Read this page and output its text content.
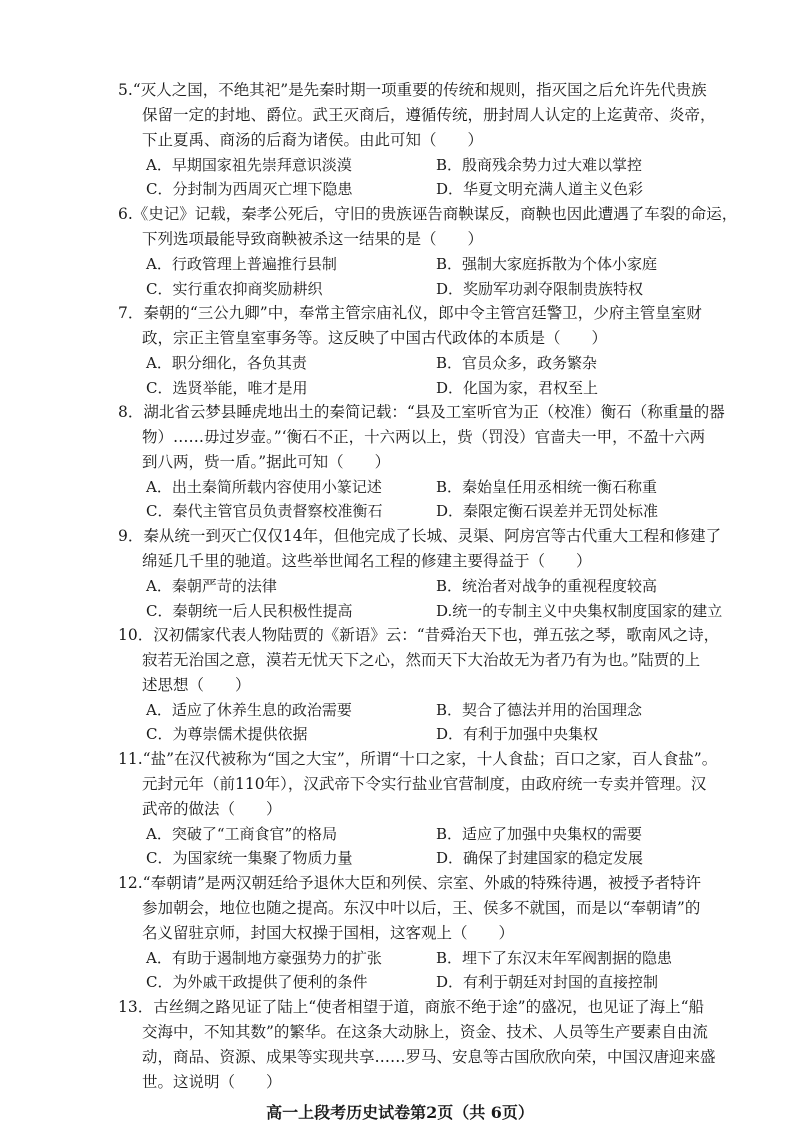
5.“灭人之国，不绝其祀”是先秦时期一项重要的传统和规则，指灭国之后允许先代贵族
保留一定的封地、爵位。武王灭商后，遵循传统，册封周人认定的上迄黄帝、炎帝，
下止夏禹、商汤的后裔为诸侯。由此可知（　　）
A．早期国家祖先崇拜意识淡漠	B．殷商残余势力过大难以掌控
C．分封制为西周灭亡埋下隐患	D．华夏文明充满人道主义色彩
6.《史记》记载，秦孝公死后，守旧的贵族诬告商鞅谋反，商鞅也因此遭遇了车裂的命运，
下列选项最能导致商鞅被杀这一结果的是（　　）
A．行政管理上普遍推行县制	B．强制大家庭拆散为个体小家庭
C．实行重农抑商奖励耕织	D．奖励军功剥夺限制贵族特权
7．秦朝的“三公九卿”中，奉常主管宗庙礼仪，郎中令主管宫廷警卫，少府主管皇室财
政，宗正主管皇室事务等。这反映了中国古代政体的本质是（　　）
A．职分细化，各负其责	B．官员众多，政务繁杂
C．选贤举能，唯才是用	D．化国为家，君权至上
8．湖北省云梦县睡虎地出土的秦简记载：“县及工室听官为正（校准）衡石（称重量的器
物）……毋过岁壶。”‘衡石不正，十六两以上，赀（罚没）官啬夫一甲，不盈十六两
到八两，赀一盾。”据此可知（　　）
A．出土秦简所载内容使用小篆记述	B．秦始皇任用丞相统一衡石称重
C．秦代主管官员负责督察校准衡石	D．秦限定衡石误差并无罚处标准
9．秦从统一到灭亡仅仅14年，但他完成了长城、灵渠、阿房宫等古代重大工程和修建了
绵延几千里的驰道。这些举世闻名工程的修建主要得益于（　　）
A．秦朝严苛的法律	B．统治者对战争的重视程度较高
C．秦朝统一后人民积极性提高	D.统一的专制主义中央集权制度国家的建立
10．汉初儒家代表人物陆贾的《新语》云：“昔舜治天下也，弹五弦之琴，歌南风之诗，
寂若无治国之意，漠若无忧天下之心，然而天下大治故无为者乃有为也。”陆贾的上
述思想（　　）
A．适应了休养生息的政治需要	B．契合了德法并用的治国理念
C．为尊崇儒术提供依据	D．有利于加强中央集权
11.“盐”在汉代被称为“国之大宝”，所谓“十口之家，十人食盐；百口之家，百人食盐”。
元封元年（前110年），汉武帝下令实行盐业官营制度，由政府统一专卖并管理。汉
武帝的做法（　　）
A．突破了“工商食官”的格局	B．适应了加强中央集权的需要
C．为国家统一集聚了物质力量	D．确保了封建国家的稳定发展
12.“奉朝请”是两汉朝廷给予退休大臣和列侯、宗室、外戚的特殊待遇，被授予者特许
参加朝会，地位也随之提高。东汉中叶以后，王、侯多不就国，而是以“奉朝请”的
名义留驻京师，封国大权操于国相，这客观上（　　）
A．有助于遏制地方豪强势力的扩张	B．埋下了东汉末年军阀割据的隐患
C．为外戚干政提供了便利的条件	D．有利于朝廷对封国的直接控制
13．古丝绸之路见证了陆上“使者相望于道，商旅不绝于途”的盛况，也见证了海上“船
交海中，不知其数”的繁华。在这条大动脉上，资金、技术、人员等生产要素自由流
动，商品、资源、成果等实现共享……罗马、安息等古国欣欣向荣，中国汉唐迎来盛
世。这说明（　　）
高一上段考历史试卷第2页（共 6页）
